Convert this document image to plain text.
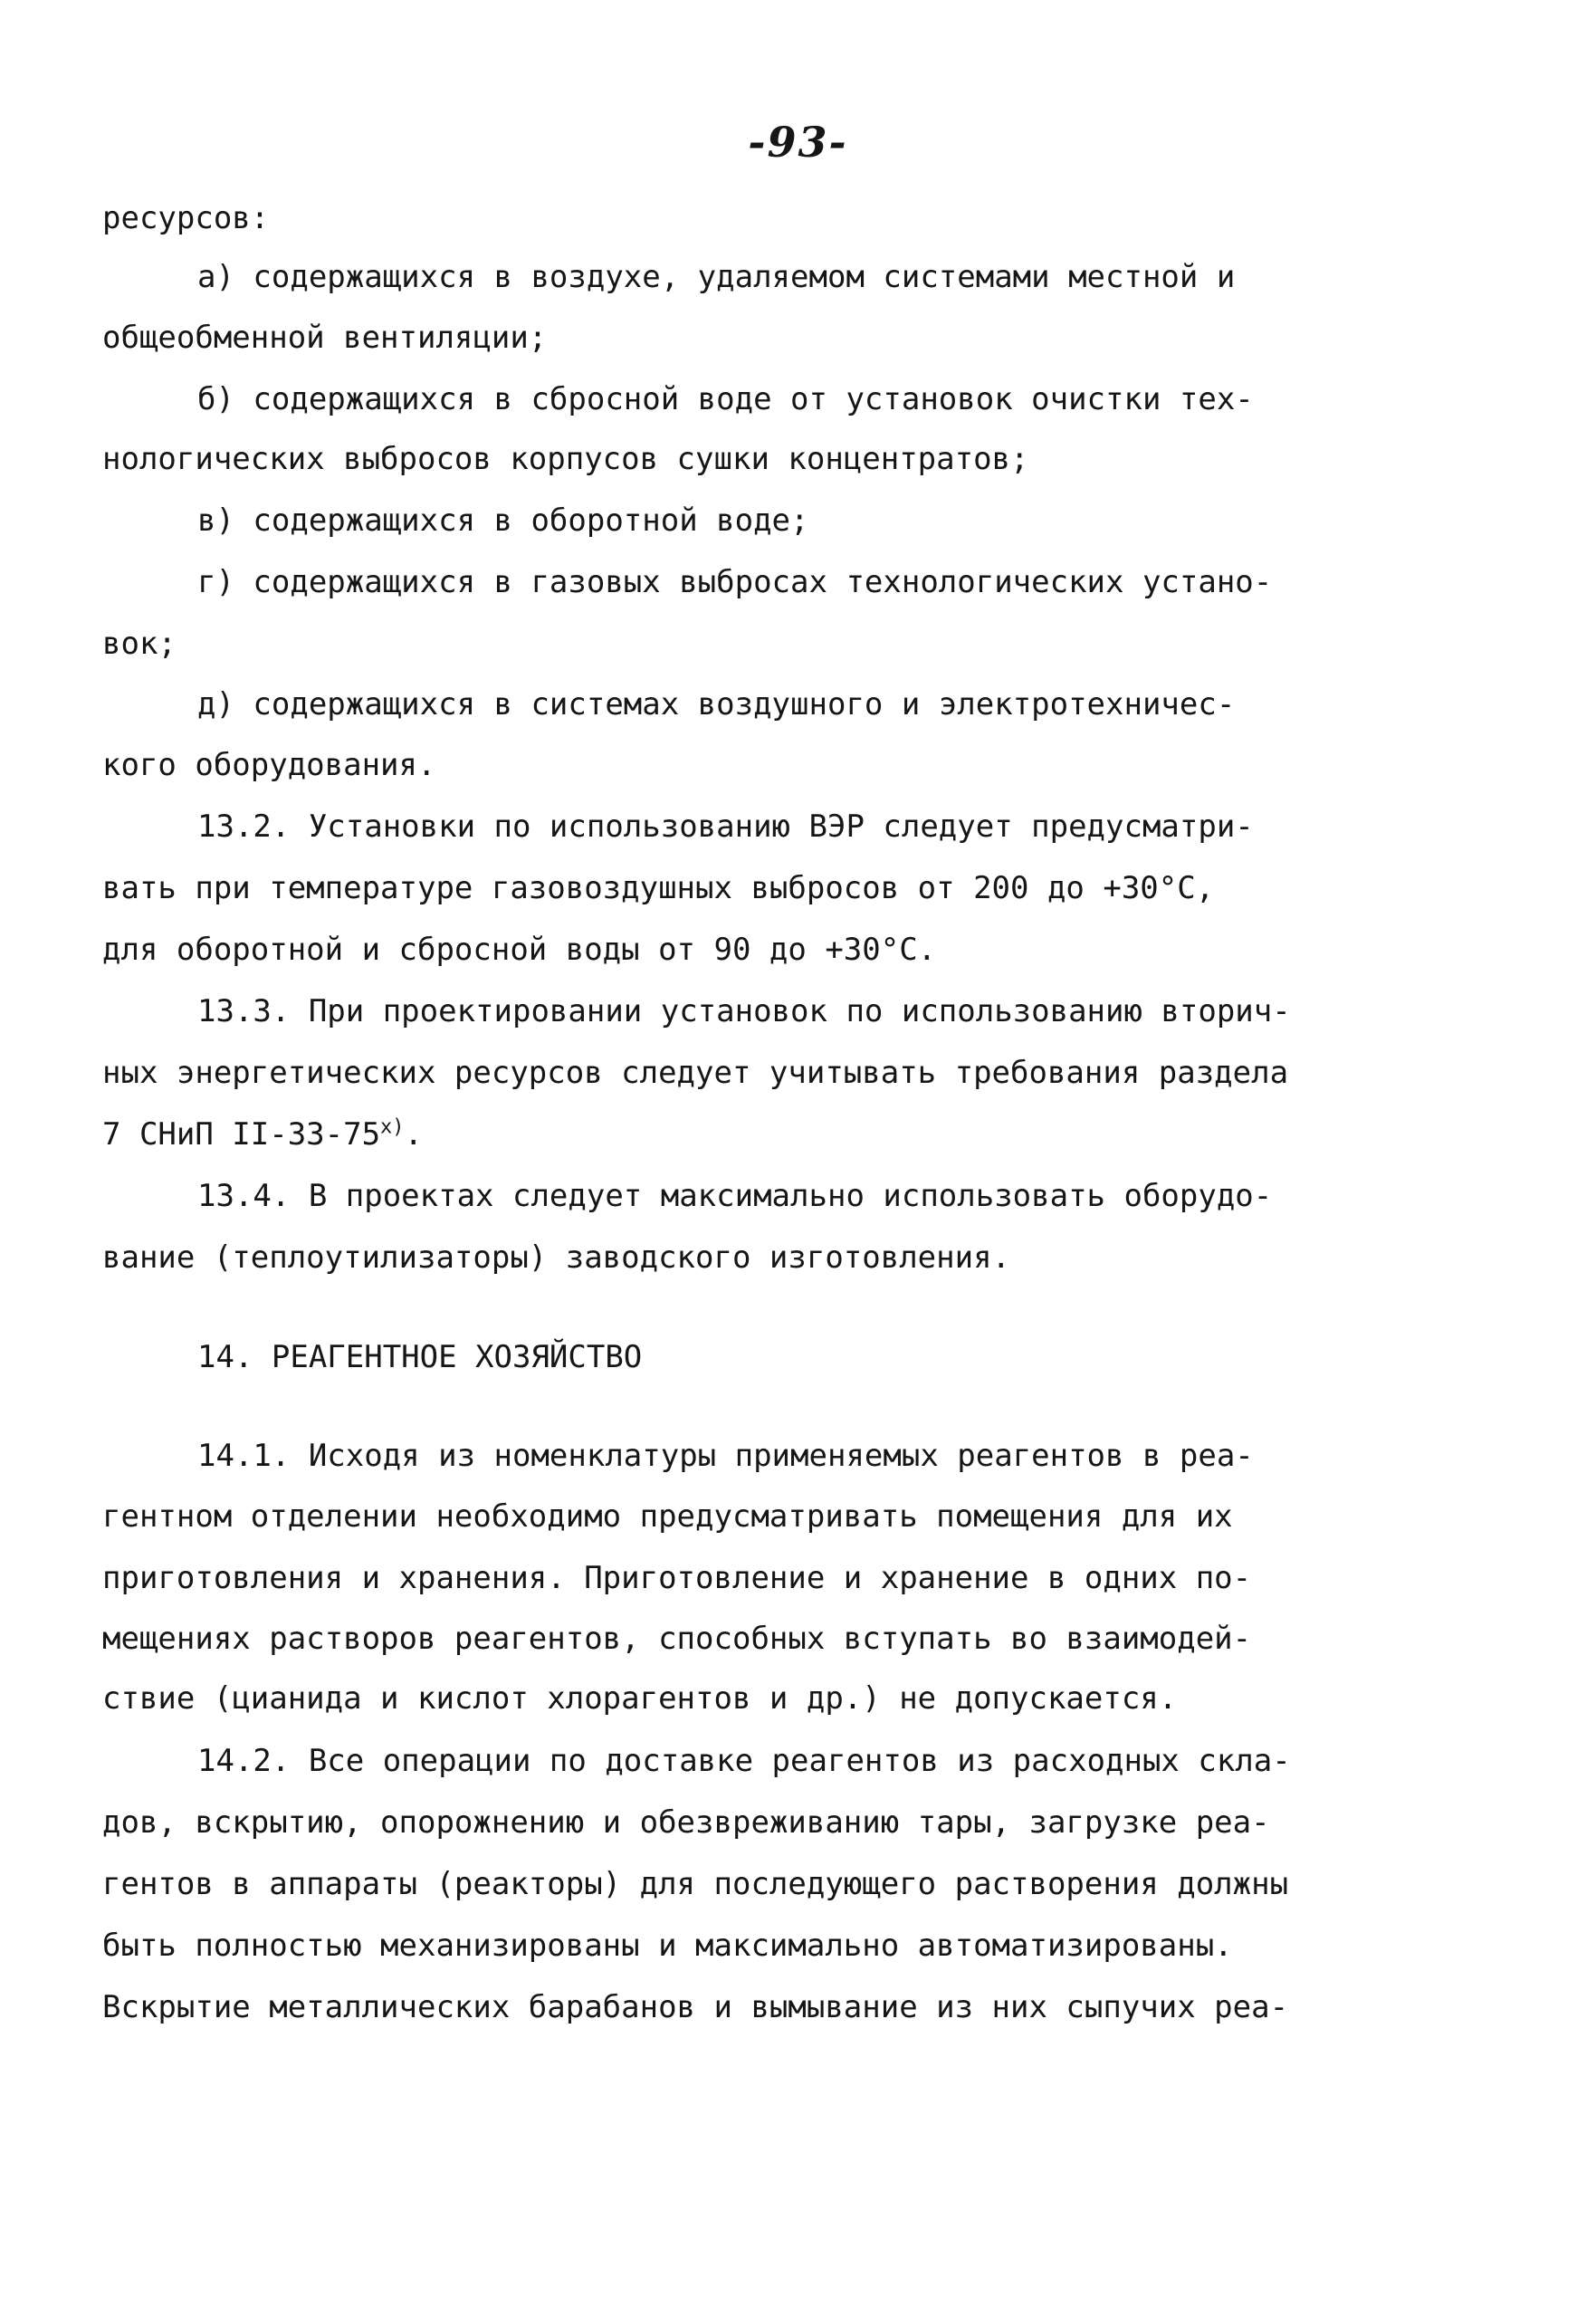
-93-
ресурсов:
а) содержащихся в воздухе, удаляемом системами местной и
общеобменной вентиляции;
б) содержащихся в сбросной воде от установок очистки тех-
нологических выбросов корпусов сушки концентратов;
в) содержащихся в оборотной воде;
г) содержащихся в газовых выбросах технологических устано-
вок;
д) содержащихся в системах воздушного и электротехничес-
кого оборудования.
13.2. Установки по использованию ВЭР следует предусматри-
вать при температуре газовоздушных выбросов от 200 до +30°С,
для оборотной и сбросной воды от 90 до +30°С.
13.3. При проектировании установок по использованию вторич-
ных энергетических ресурсов следует учитывать требования раздела
7 СНиП $II-33-75^{х)}$.
13.4. В проектах следует максимально использовать оборудо-
вание (теплоутилизаторы) заводского изготовления.
14. РЕАГЕНТНОЕ ХОЗЯЙСТВО
14.1. Исходя из номенклатуры применяемых реагентов в реа-
гентном отделении необходимо предусматривать помещения для их
приготовления и хранения. Приготовление и хранение в одних по-
мещениях растворов реагентов, способных вступать во взаимодей-
ствие (цианида и кислот хлорагентов и др.) не допускается.
14.2. Все операции по доставке реагентов из расходных скла-
дов, вскрытию, опорожнению и обезвреживанию тары, загрузке реа-
гентов в аппараты (реакторы) для последующего растворения должны
быть полностью механизированы и максимально автоматизированы.
Вскрытие металлических барабанов и вымывание из них сыпучих реа-
